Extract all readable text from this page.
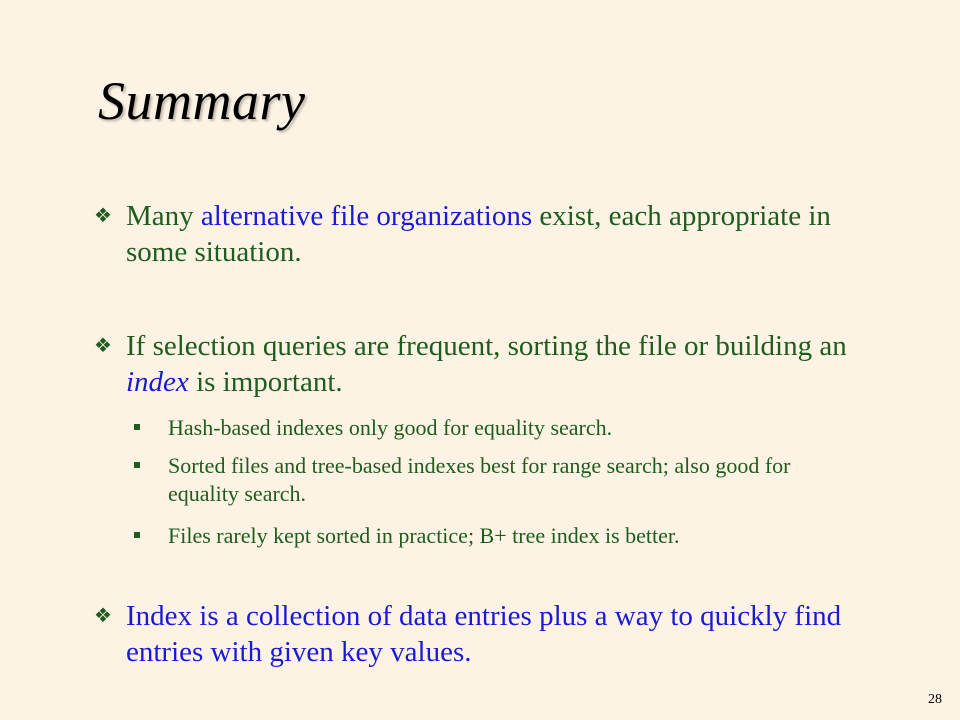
Summary
❖ Many alternative file organizations exist, each appropriate in some situation.
❖ If selection queries are frequent, sorting the file or building an index is important.
Hash-based indexes only good for equality search.
Sorted files and tree-based indexes best for range search; also good for equality search.
Files rarely kept sorted in practice; B+ tree index is better.
❖ Index is a collection of data entries plus a way to quickly find entries with given key values.
28
